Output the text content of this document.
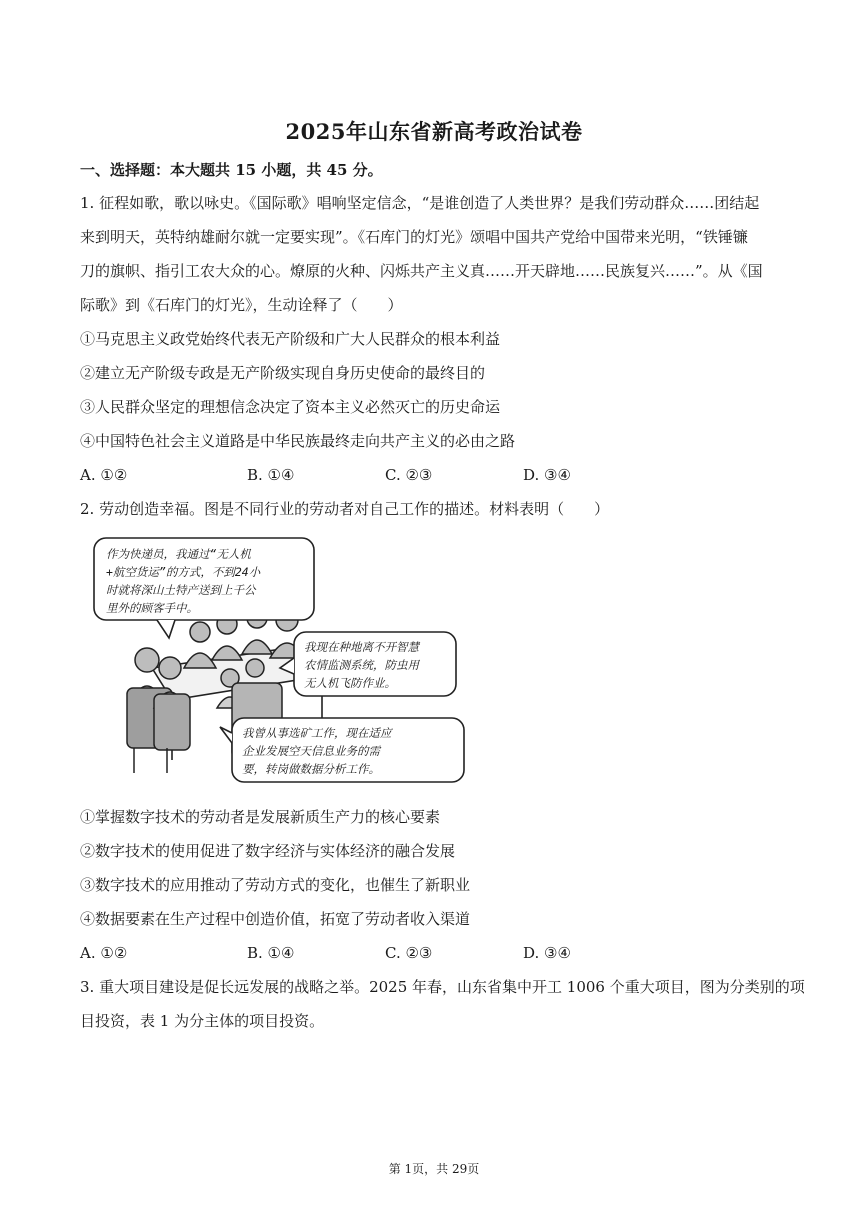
2025年山东省新高考政治试卷
一、选择题：本大题共 15 小题，共 45 分。
1. 征程如歌，歌以咏史。《国际歌》唱响坚定信念，“是谁创造了人类世界？是我们劳动群众……团结起
来到明天，英特纳雄耐尔就一定要实现”。《石库门的灯光》颂唱中国共产党给中国带来光明，“铁锤镰
刀的旗帜、指引工农大众的心。燎原的火种、闪烁共产主义真……开天辟地……民族复兴……”。从《国
际歌》到《石库门的灯光》，生动诠释了（　　）
①马克思主义政党始终代表无产阶级和广大人民群众的根本利益
②建立无产阶级专政是无产阶级实现自身历史使命的最终目的
③人民群众坚定的理想信念决定了资本主义必然灭亡的历史命运
④中国特色社会主义道路是中华民族最终走向共产主义的必由之路
A. ①②	B. ①④	C. ②③	D. ③④
2. 劳动创造幸福。图是不同行业的劳动者对自己工作的描述。材料表明（　　）
作为快递员，我通过“无人机
+航空货运”的方式，不到24小
时就将深山土特产送到上千公
里外的顾客手中。
我现在种地离不开智慧
农情监测系统，防虫用
无人机飞防作业。
我曾从事选矿工作，现在适应
企业发展空天信息业务的需
要，转岗做数据分析工作。
①掌握数字技术的劳动者是发展新质生产力的核心要素
②数字技术的使用促进了数字经济与实体经济的融合发展
③数字技术的应用推动了劳动方式的变化，也催生了新职业
④数据要素在生产过程中创造价值，拓宽了劳动者收入渠道
A. ①②	B. ①④	C. ②③	D. ③④
3. 重大项目建设是促长远发展的战略之举。2025 年春，山东省集中开工 1006 个重大项目，图为分类别的项
目投资，表 1 为分主体的项目投资。
第 1页，共 29页
